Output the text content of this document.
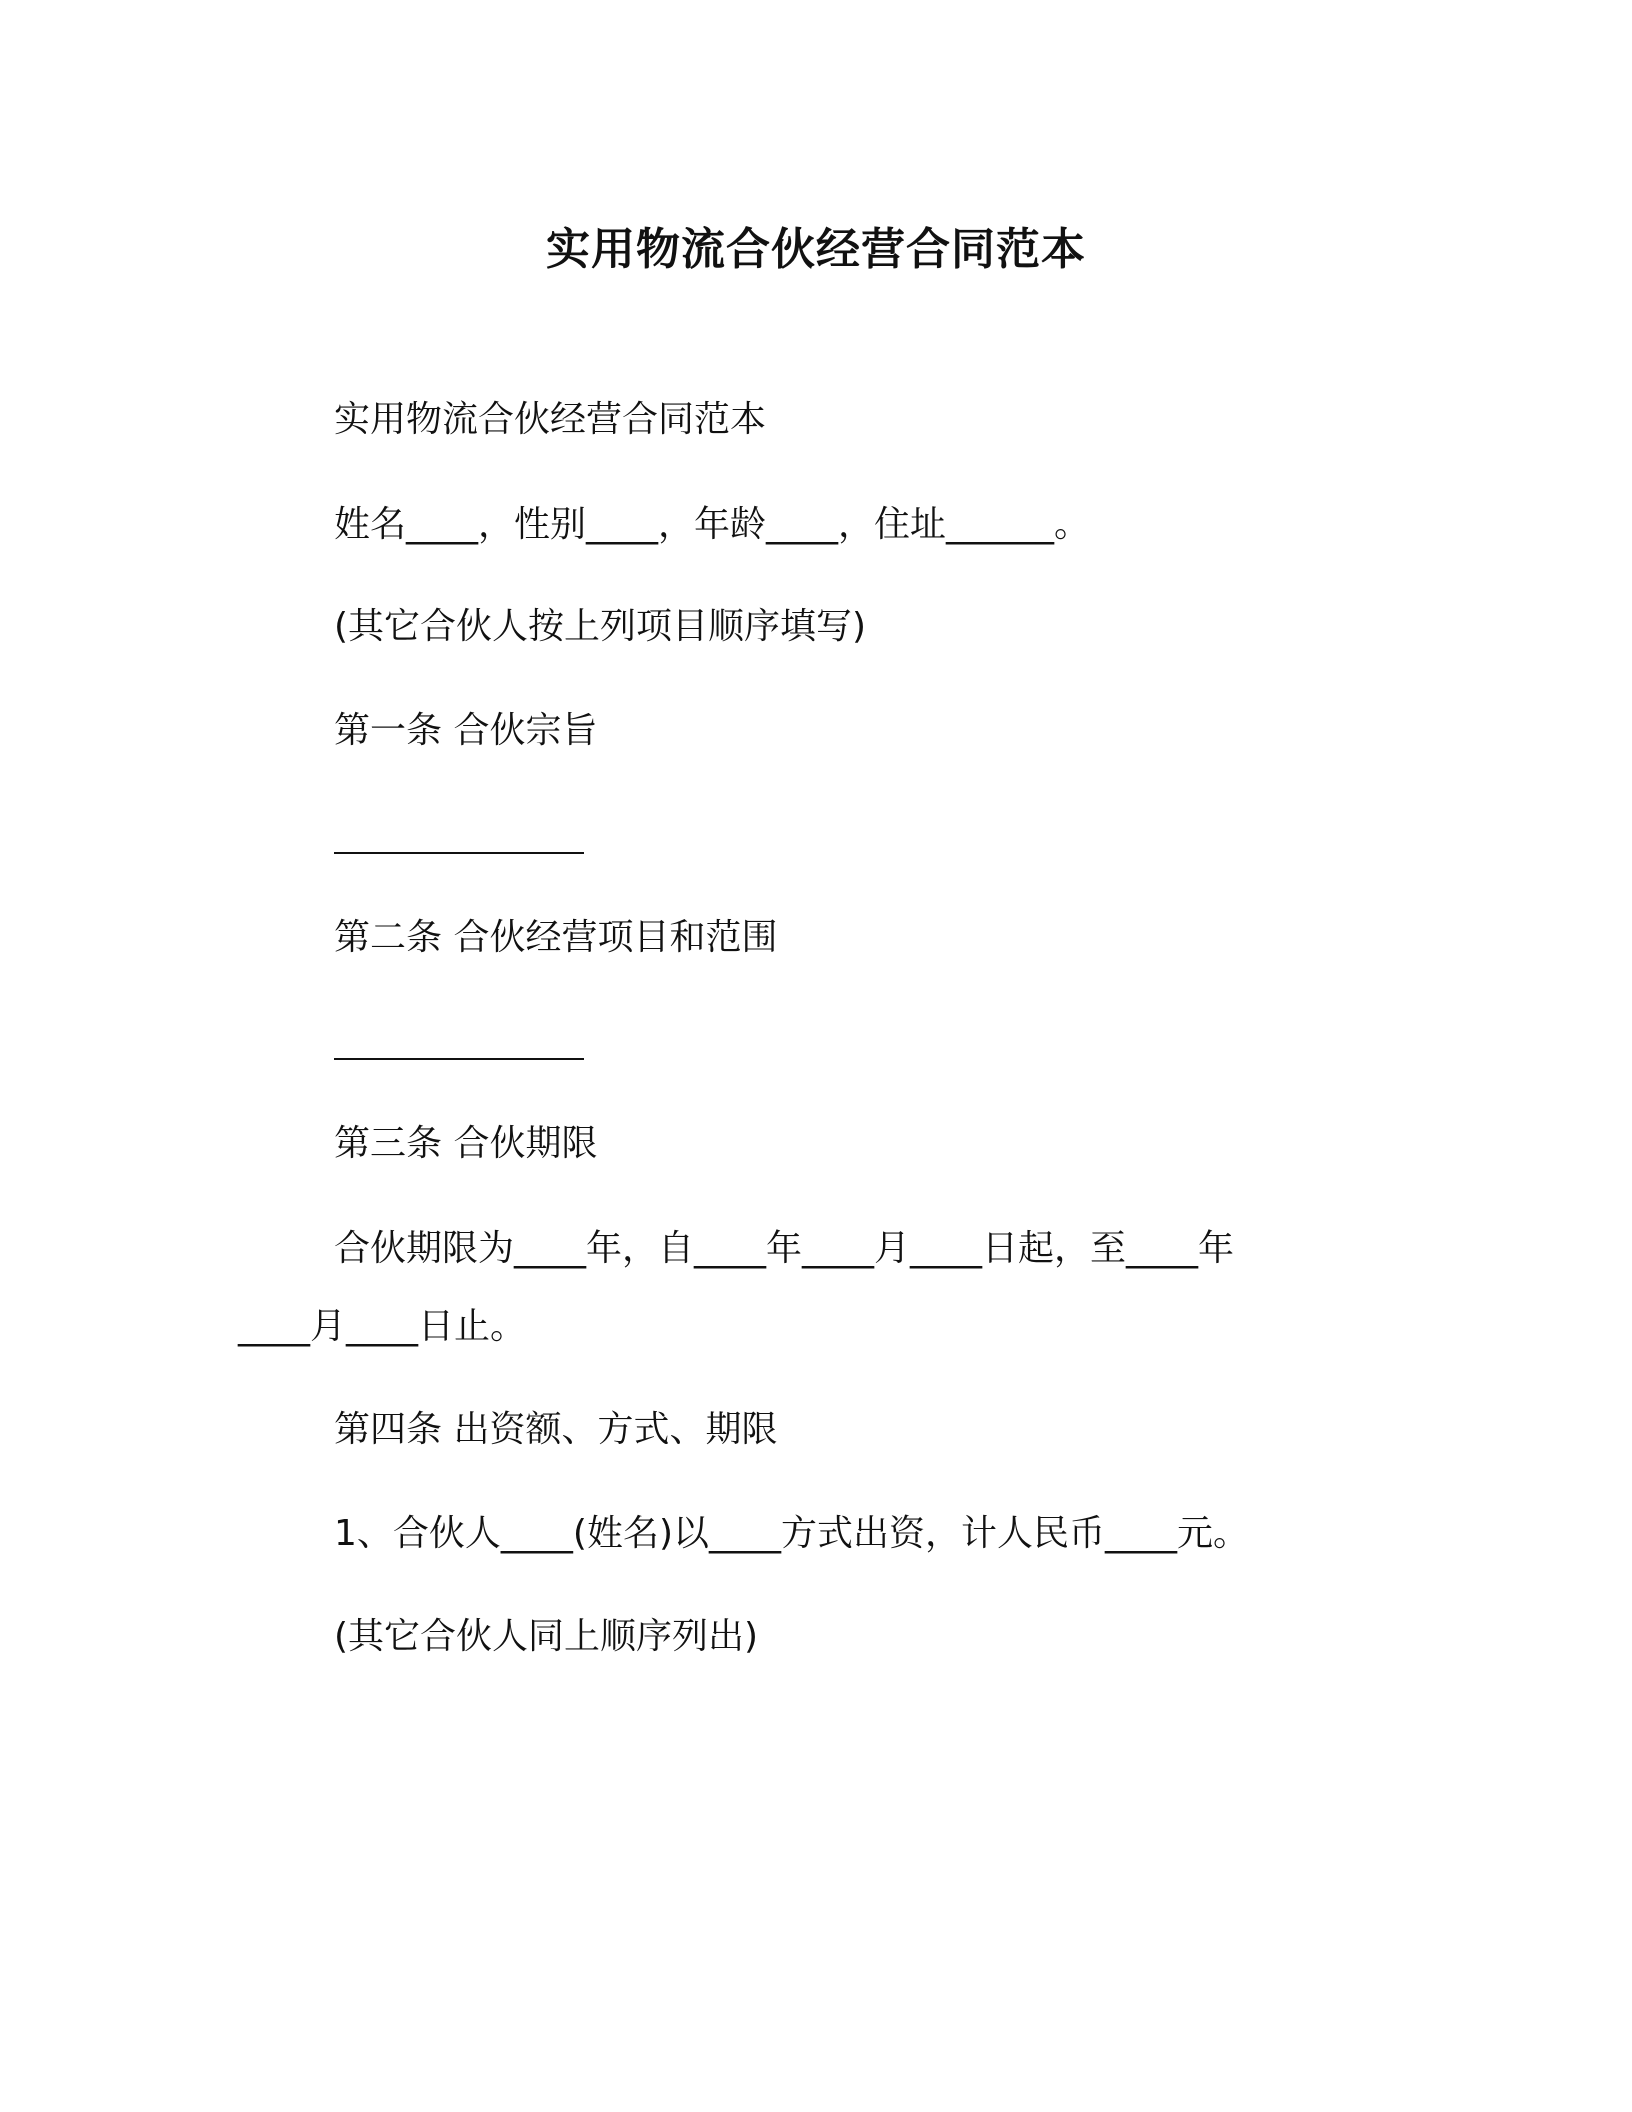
实用物流合伙经营合同范本

实用物流合伙经营合同范本

姓名____，性别____，年龄____，住址______。

(其它合伙人按上列项目顺序填写)

第一条 合伙宗旨

第二条 合伙经营项目和范围

第三条 合伙期限

合伙期限为____年，自____年____月____日起，至____年

____月____日止。

第四条 出资额、方式、期限

1、合伙人____(姓名)以____方式出资，计人民币____元。

(其它合伙人同上顺序列出)
